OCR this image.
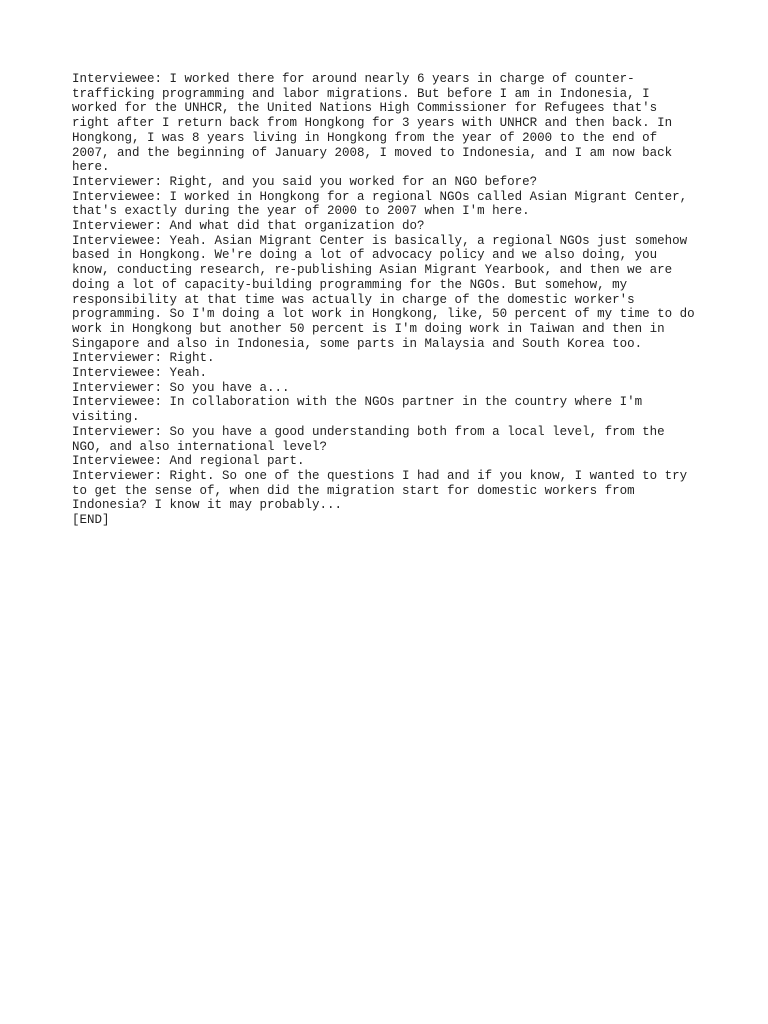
Interviewee: I worked there for around nearly 6 years in charge of counter-

trafficking programming and labor migrations. But before I am in Indonesia, I

worked for the UNHCR, the United Nations High Commissioner for Refugees that's

right after I return back from Hongkong for 3 years with UNHCR and then back. In

Hongkong, I was 8 years living in Hongkong from the year of 2000 to the end of

2007, and the beginning of January 2008, I moved to Indonesia, and I am now back

here.

Interviewer: Right, and you said you worked for an NGO before?

Interviewee: I worked in Hongkong for a regional NGOs called Asian Migrant Center,

that's exactly during the year of 2000 to 2007 when I'm here.

Interviewer: And what did that organization do?

Interviewee: Yeah. Asian Migrant Center is basically, a regional NGOs just somehow

based in Hongkong. We're doing a lot of advocacy policy and we also doing, you

know, conducting research, re-publishing Asian Migrant Yearbook, and then we are

doing a lot of capacity-building programming for the NGOs. But somehow, my

responsibility at that time was actually in charge of the domestic worker's

programming. So I'm doing a lot work in Hongkong, like, 50 percent of my time to do

work in Hongkong but another 50 percent is I'm doing work in Taiwan and then in

Singapore and also in Indonesia, some parts in Malaysia and South Korea too.

Interviewer: Right.

Interviewee: Yeah.

Interviewer: So you have a...

Interviewee: In collaboration with the NGOs partner in the country where I'm

visiting.

Interviewer: So you have a good understanding both from a local level, from the

NGO, and also international level?

Interviewee: And regional part.

Interviewer: Right. So one of the questions I had and if you know, I wanted to try

to get the sense of, when did the migration start for domestic workers from

Indonesia? I know it may probably...

[END]
